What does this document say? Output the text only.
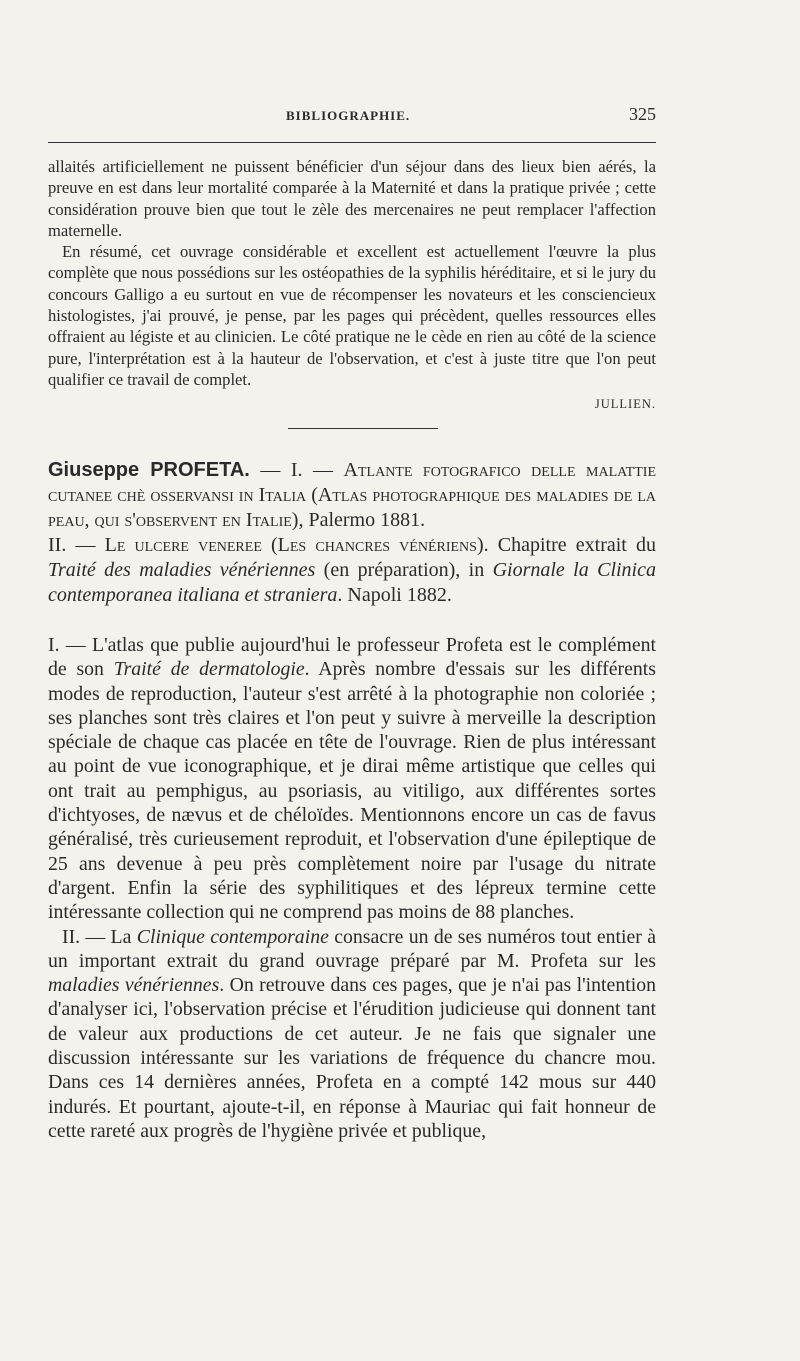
BIBLIOGRAPHIE.	325

allaités artificiellement ne puissent bénéficier d'un séjour dans des lieux bien aérés, la preuve en est dans leur mortalité comparée à la Maternité et dans la pratique privée ; cette considération prouve bien que tout le zèle des mercenaires ne peut remplacer l'affection maternelle.

En résumé, cet ouvrage considérable et excellent est actuellement l'œuvre la plus complète que nous possédions sur les ostéopathies de la syphilis héréditaire, et si le jury du concours Galligo a eu surtout en vue de récompenser les novateurs et les consciencieux histologistes, j'ai prouvé, je pense, par les pages qui précèdent, quelles ressources elles offraient au légiste et au clinicien. Le côté pratique ne le cède en rien au côté de la science pure, l'interprétation est à la hauteur de l'observation, et c'est à juste titre que l'on peut qualifier ce travail de complet.

JULLIEN.

Giuseppe PROFETA. — I. — Atlante fotografico delle malattie cutanee chè osservansi in Italia (Atlas photographique des maladies de la peau, qui s'observent en Italie), Palermo 1881.

II. — Le ulcere veneree (Les chancres vénériens). Chapitre extrait du Traité des maladies vénériennes (en préparation), in Giornale la Clinica contemporanea italiana et straniera. Napoli 1882.

I. — L'atlas que publie aujourd'hui le professeur Profeta est le complément de son Traité de dermatologie. Après nombre d'essais sur les différents modes de reproduction, l'auteur s'est arrêté à la photographie non coloriée ; ses planches sont très claires et l'on peut y suivre à merveille la description spéciale de chaque cas placée en tête de l'ouvrage. Rien de plus intéressant au point de vue iconographique, et je dirai même artistique que celles qui ont trait au pemphigus, au psoriasis, au vitiligo, aux différentes sortes d'ichtyoses, de nævus et de chéloïdes. Mentionnons encore un cas de favus généralisé, très curieusement reproduit, et l'observation d'une épileptique de 25 ans devenue à peu près complètement noire par l'usage du nitrate d'argent. Enfin la série des syphilitiques et des lépreux termine cette intéressante collection qui ne comprend pas moins de 88 planches.

II. — La Clinique contemporaine consacre un de ses numéros tout entier à un important extrait du grand ouvrage préparé par M. Profeta sur les maladies vénériennes. On retrouve dans ces pages, que je n'ai pas l'intention d'analyser ici, l'observation précise et l'érudition judicieuse qui donnent tant de valeur aux productions de cet auteur. Je ne fais que signaler une discussion intéressante sur les variations de fréquence du chancre mou. Dans ces 14 dernières années, Profeta en a compté 142 mous sur 440 indurés. Et pourtant, ajoute-t-il, en réponse à Mauriac qui fait honneur de cette rareté aux progrès de l'hygiène privée et publique,
